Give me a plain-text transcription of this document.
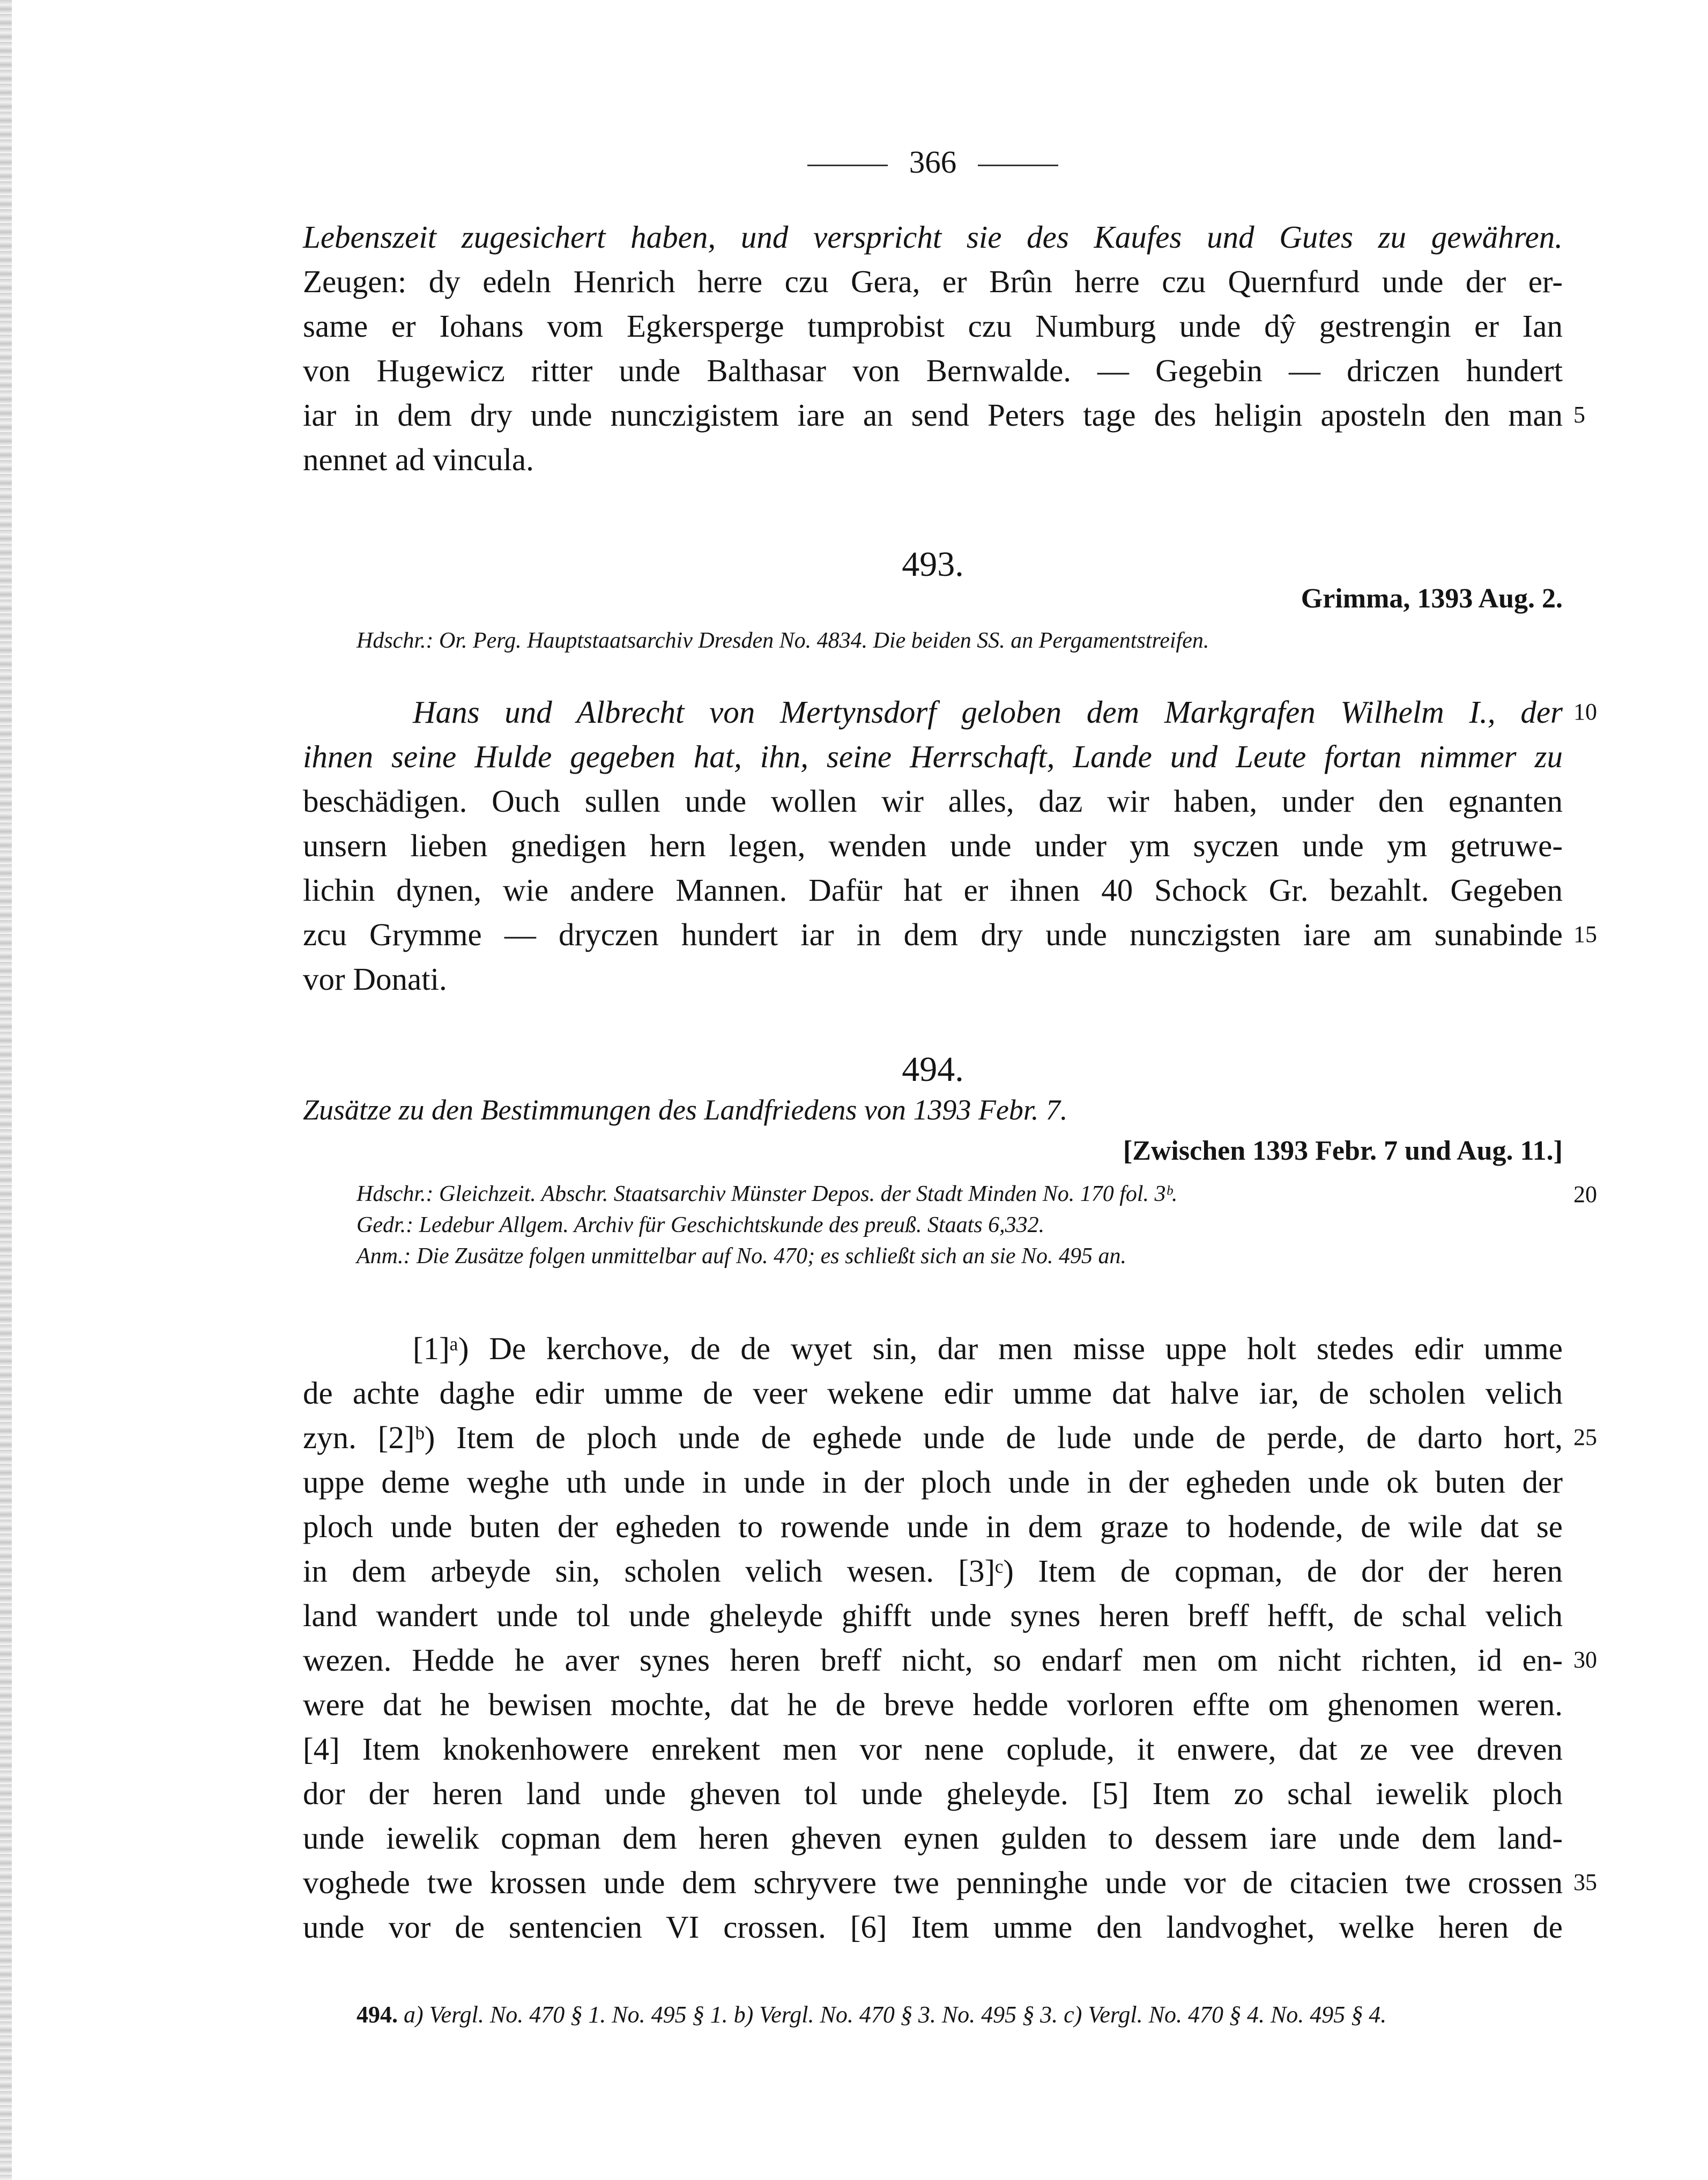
366
Lebenszeit zugesichert haben, und verspricht sie des Kaufes und Gutes zu gewähren.
Zeugen: dy edeln Henrich herre czu Gera, er Brûn herre czu Quernfurd unde der er-
same er Iohans vom Egkersperge tumprobist czu Numburg unde dŷ gestrengin er Ian
von Hugewicz ritter unde Balthasar von Bernwalde. — Gegebin — driczen hundert
iar in dem dry unde nunczigistem iare an send Peters tage des heligin aposteln den man
nennet ad vincula.
5
493.
Grimma, 1393 Aug. 2.
Hdschr.: Or. Perg. Hauptstaatsarchiv Dresden No. 4834. Die beiden SS. an Pergamentstreifen.
Hans und Albrecht von Mertynsdorf geloben dem Markgrafen Wilhelm I., der
ihnen seine Hulde gegeben hat, ihn, seine Herrschaft, Lande und Leute fortan nimmer zu
beschädigen. Ouch sullen unde wollen wir alles, daz wir haben, under den egnanten
unsern lieben gnedigen hern legen, wenden unde under ym syczen unde ym getruwe-
lichin dynen, wie andere Mannen. Dafür hat er ihnen 40 Schock Gr. bezahlt. Gegeben
zcu Grymme — dryczen hundert iar in dem dry unde nunczigsten iare am sunabinde
vor Donati.
10
15
494.
Zusätze zu den Bestimmungen des Landfriedens von 1393 Febr. 7.
[Zwischen 1393 Febr. 7 und Aug. 11.]
Hdschr.: Gleichzeit. Abschr. Staatsarchiv Münster Depos. der Stadt Minden No. 170 fol. 3ᵇ.
Gedr.: Ledebur Allgem. Archiv für Geschichtskunde des preuß. Staats 6,332.
Anm.: Die Zusätze folgen unmittelbar auf No. 470; es schließt sich an sie No. 495 an.
20
[1]ᵃ) De kerchove, de de wyet sin, dar men misse uppe holt stedes edir umme
de achte daghe edir umme de veer wekene edir umme dat halve iar, de scholen velich
zyn. [2]ᵇ) Item de ploch unde de eghede unde de lude unde de perde, de darto hort,
uppe deme weghe uth unde in unde in der ploch unde in der egheden unde ok buten der
ploch unde buten der egheden to rowende unde in dem graze to hodende, de wile dat se
in dem arbeyde sin, scholen velich wesen. [3]ᶜ) Item de copman, de dor der heren
land wandert unde tol unde gheleyde ghifft unde synes heren breff hefft, de schal velich
wezen. Hedde he aver synes heren breff nicht, so endarf men om nicht richten, id en-
were dat he bewisen mochte, dat he de breve hedde vorloren effte om ghenomen weren.
[4] Item knokenhowere enrekent men vor nene coplude, it enwere, dat ze vee dreven
dor der heren land unde gheven tol unde gheleyde. [5] Item zo schal iewelik ploch
unde iewelik copman dem heren gheven eynen gulden to dessem iare unde dem land-
voghede twe krossen unde dem schryvere twe penninghe unde vor de citacien twe crossen
unde vor de sentencien VI crossen. [6] Item umme den landvoghet, welke heren de
25
30
35
494. a) Vergl. No. 470 § 1. No. 495 § 1. b) Vergl. No. 470 § 3. No. 495 § 3. c) Vergl. No. 470 § 4. No. 495 § 4.
